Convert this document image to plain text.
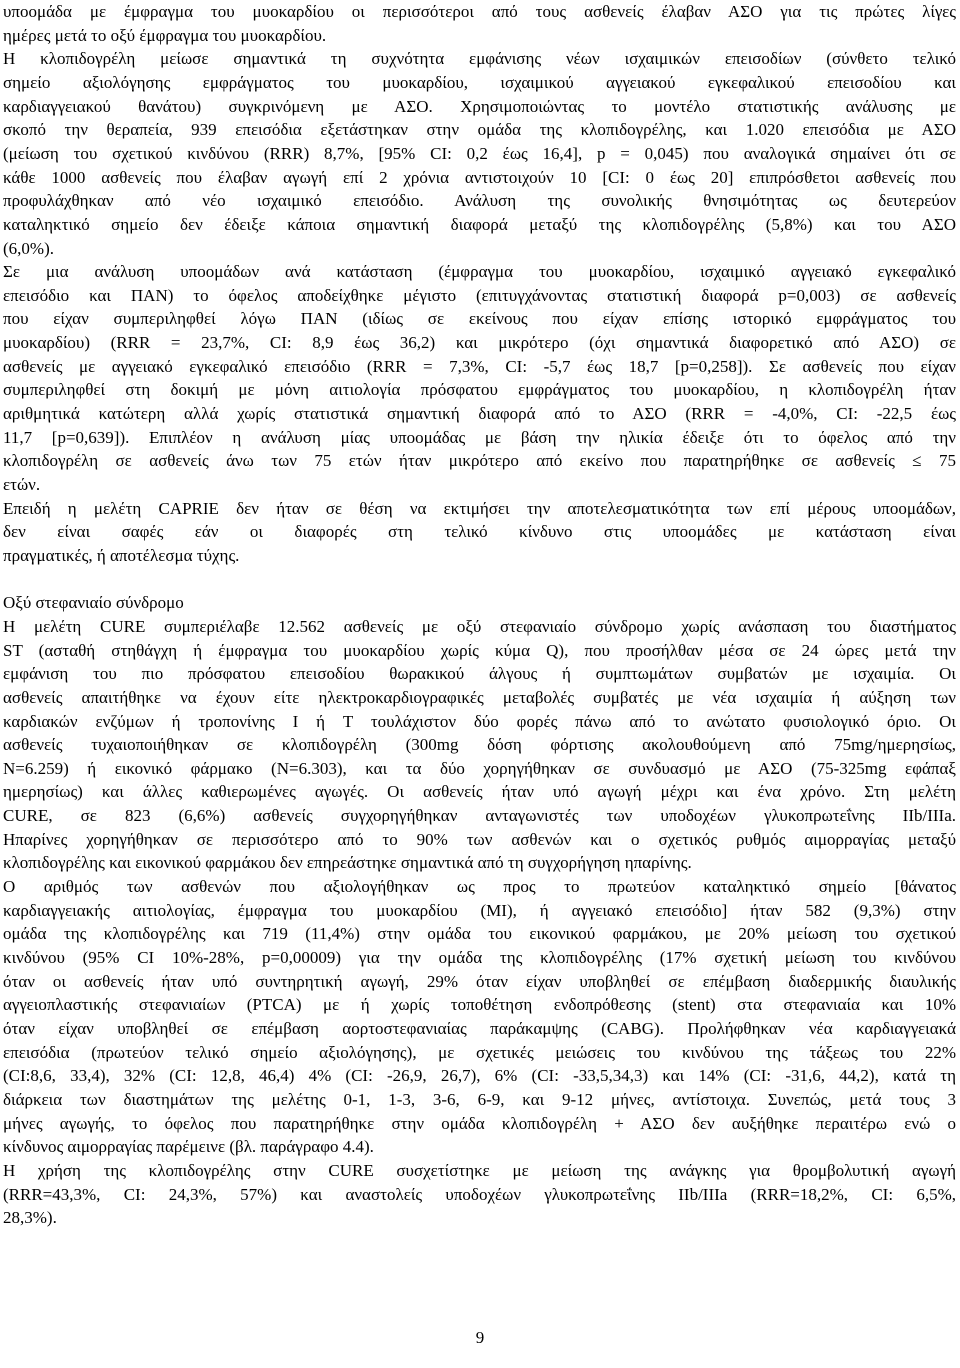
υποομάδα με έμφραγμα του μυοκαρδίου οι περισσότεροι από τους ασθενείς έλαβαν ΑΣΟ για τις πρώτες λίγες
ημέρες μετά το οξύ έμφραγμα του μυοκαρδίου.
Η κλοπιδογρέλη μείωσε σημαντικά τη συχνότητα εμφάνισης νέων ισχαιμικών επεισοδίων (σύνθετο τελικό
σημείο αξιολόγησης εμφράγματος του μυοκαρδίου, ισχαιμικού αγγειακού εγκεφαλικού επεισοδίου και
καρδιαγγειακού θανάτου) συγκρινόμενη με ΑΣΟ. Χρησιμοποιώντας το μοντέλο στατιστικής ανάλυσης με
σκοπό την θεραπεία, 939 επεισόδια εξετάστηκαν στην ομάδα της κλοπιδογρέλης, και 1.020 επεισόδια με ΑΣΟ
(μείωση του σχετικού κινδύνου (RRR) 8,7%, [95% CI: 0,2 έως 16,4], p = 0,045) που αναλογικά σημαίνει ότι σε
κάθε 1000 ασθενείς που έλαβαν αγωγή επί 2 χρόνια αντιστοιχούν 10 [CI: 0 έως 20] επιπρόσθετοι ασθενείς που
προφυλάχθηκαν από νέο ισχαιμικό επεισόδιο. Ανάλυση της συνολικής θνησιμότητας ως δευτερεύον
καταληκτικό σημείο δεν έδειξε κάποια σημαντική διαφορά μεταξύ της κλοπιδογρέλης (5,8%) και του ΑΣΟ
(6,0%).
Σε μια ανάλυση υποομάδων ανά κατάσταση (έμφραγμα του μυοκαρδίου, ισχαιμικό αγγειακό εγκεφαλικό
επεισόδιο και ΠΑΝ) το όφελος αποδείχθηκε μέγιστο (επιτυγχάνοντας στατιστική διαφορά p=0,003) σε ασθενείς
που είχαν συμπεριληφθεί λόγω ΠΑΝ (ιδίως σε εκείνους που είχαν επίσης ιστορικό εμφράγματος του
μυοκαρδίου) (RRR = 23,7%, CI: 8,9 έως 36,2) και μικρότερο (όχι σημαντικά διαφορετικό από ΑΣΟ) σε
ασθενείς με αγγειακό εγκεφαλικό επεισόδιο (RRR = 7,3%, CI: -5,7 έως 18,7 [p=0,258]). Σε ασθενείς που είχαν
συμπεριληφθεί στη δοκιμή με μόνη αιτιολογία πρόσφατου εμφράγματος του μυοκαρδίου, η κλοπιδογρέλη ήταν
αριθμητικά κατώτερη αλλά χωρίς στατιστικά σημαντική διαφορά από το ΑΣΟ (RRR = -4,0%, CI: -22,5 έως
11,7 [p=0,639]). Επιπλέον η ανάλυση μίας υποομάδας με βάση την ηλικία έδειξε ότι το όφελος από την
κλοπιδογρέλη σε ασθενείς άνω των 75 ετών ήταν μικρότερο από εκείνο που παρατηρήθηκε σε ασθενείς ≤ 75
ετών.
Επειδή η μελέτη CAPRIE δεν ήταν σε θέση να εκτιμήσει την αποτελεσματικότητα των επί μέρους υποομάδων,
δεν είναι σαφές εάν οι διαφορές στη τελικό κίνδυνο στις υποομάδες με κατάσταση είναι
πραγματικές, ή αποτέλεσμα τύχης.
Οξύ στεφανιαίο σύνδρομο
Η μελέτη CURE συμπεριέλαβε 12.562 ασθενείς με οξύ στεφανιαίο σύνδρομο χωρίς ανάσπαση του διαστήματος
ST (ασταθή στηθάγχη ή έμφραγμα του μυοκαρδίου χωρίς κύμα Q), που προσήλθαν μέσα σε 24 ώρες μετά την
εμφάνιση του πιο πρόσφατου επεισοδίου θωρακικού άλγους ή συμπτωμάτων συμβατών με ισχαιμία. Οι
ασθενείς απαιτήθηκε να έχουν είτε ηλεκτροκαρδιογραφικές μεταβολές συμβατές με νέα ισχαιμία ή αύξηση των
καρδιακών ενζύμων ή τροπονίνης I ή T τουλάχιστον δύο φορές πάνω από το ανώτατο φυσιολογικό όριο. Οι
ασθενείς τυχαιοποιήθηκαν σε κλοπιδογρέλη (300mg δόση φόρτισης ακολουθούμενη από 75mg/ημερησίως,
N=6.259) ή εικονικό φάρμακο (N=6.303), και τα δύο χορηγήθηκαν σε συνδυασμό με ΑΣΟ (75-325mg εφάπαξ
ημερησίως) και άλλες καθιερωμένες αγωγές. Οι ασθενείς ήταν υπό αγωγή μέχρι και ένα χρόνο. Στη μελέτη
CURE, σε 823 (6,6%) ασθενείς συγχορηγήθηκαν ανταγωνιστές των υποδοχέων γλυκοπρωτεΐνης IIb/IIIa.
Ηπαρίνες χορηγήθηκαν σε περισσότερο από το 90% των ασθενών και ο σχετικός ρυθμός αιμορραγίας μεταξύ
κλοπιδογρέλης και εικονικού φαρμάκου δεν επηρεάστηκε σημαντικά από τη συγχορήγηση ηπαρίνης.
Ο αριθμός των ασθενών που αξιολογήθηκαν ως προς το πρωτεύον καταληκτικό σημείο [θάνατος
καρδιαγγειακής αιτιολογίας, έμφραγμα του μυοκαρδίου (MI), ή αγγειακό επεισόδιο] ήταν 582 (9,3%) στην
ομάδα της κλοπιδογρέλης και 719 (11,4%) στην ομάδα του εικονικού φαρμάκου, με 20% μείωση του σχετικού
κινδύνου (95% CI 10%-28%, p=0,00009) για την ομάδα της κλοπιδογρέλης (17% σχετική μείωση του κινδύνου
όταν οι ασθενείς ήταν υπό συντηρητική αγωγή, 29% όταν είχαν υποβληθεί σε επέμβαση διαδερμικής διαυλικής
αγγειοπλαστικής στεφανιαίων (PTCA) με ή χωρίς τοποθέτηση ενδοπρόθεσης (stent) στα στεφανιαία και 10%
όταν είχαν υποβληθεί σε επέμβαση αορτοστεφανιαίας παράκαμψης (CABG). Προλήφθηκαν νέα καρδιαγγειακά
επεισόδια (πρωτεύον τελικό σημείο αξιολόγησης), με σχετικές μειώσεις του κινδύνου της τάξεως του 22%
(CI:8,6, 33,4), 32% (CI: 12,8, 46,4) 4% (CI: -26,9, 26,7), 6% (CI: -33,5,34,3) και 14% (CI: -31,6, 44,2), κατά τη
διάρκεια των διαστημάτων της μελέτης 0-1, 1-3, 3-6, 6-9, και 9-12 μήνες, αντίστοιχα. Συνεπώς, μετά τους 3
μήνες αγωγής, το όφελος που παρατηρήθηκε στην ομάδα κλοπιδογρέλη + ΑΣΟ δεν αυξήθηκε περαιτέρω ενώ ο
κίνδυνος αιμορραγίας παρέμεινε (βλ. παράγραφο 4.4).
Η χρήση της κλοπιδογρέλης στην CURE συσχετίστηκε με μείωση της ανάγκης για θρομβολυτική αγωγή
(RRR=43,3%, CI: 24,3%, 57%) και αναστολείς υποδοχέων γλυκοπρωτεΐνης IIb/IIIa (RRR=18,2%, CI: 6,5%,
28,3%).
9
